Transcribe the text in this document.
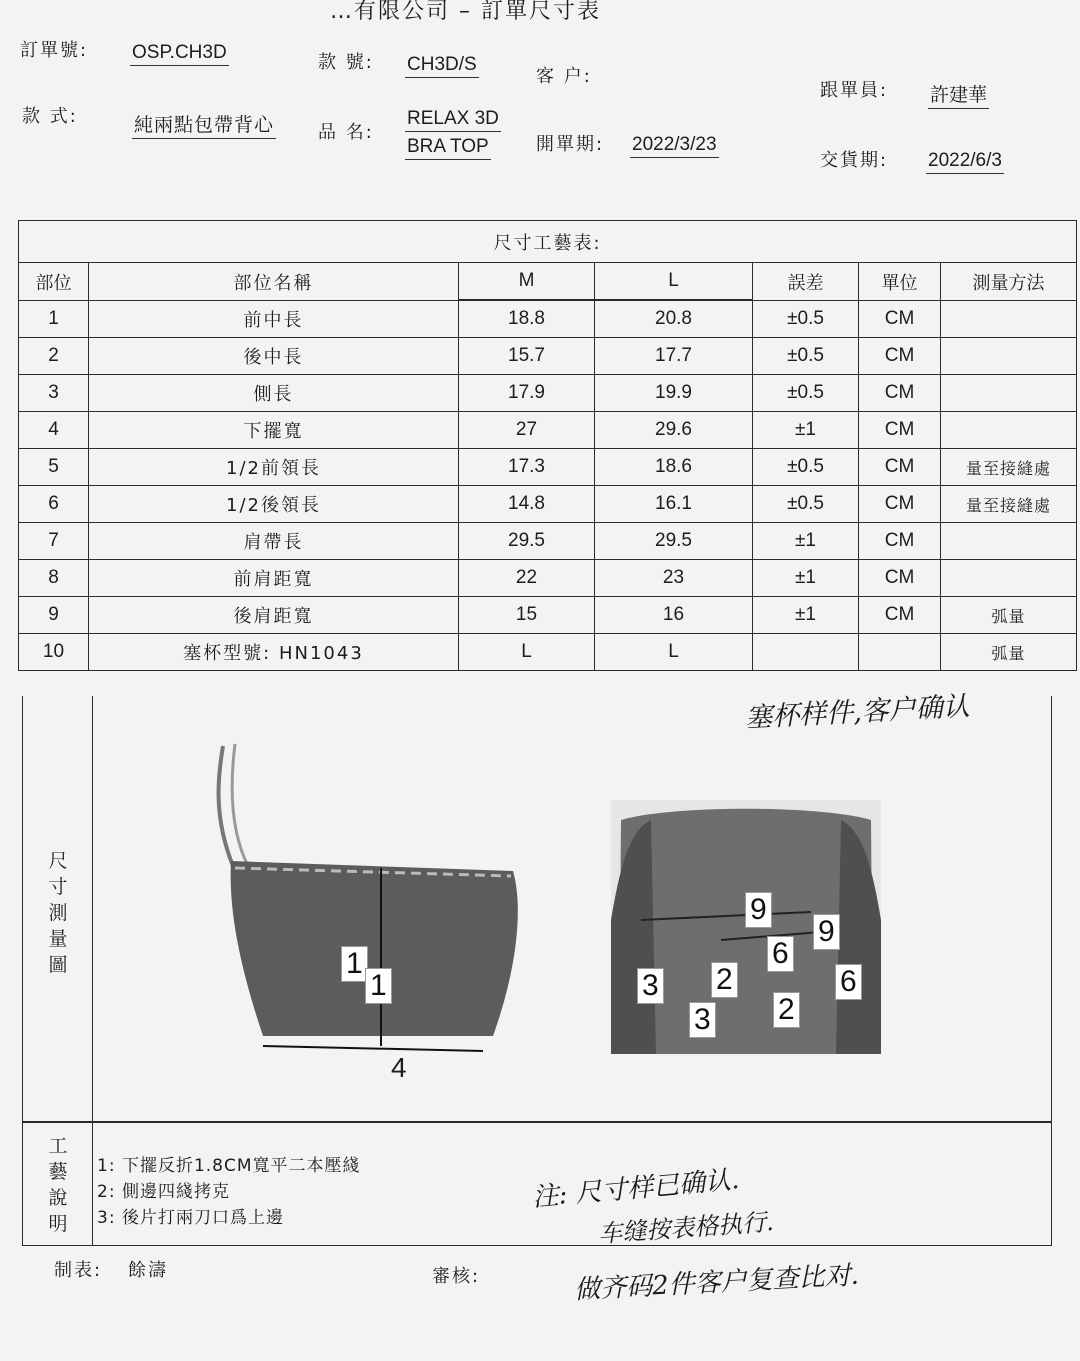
…有限公司 – 訂單尺寸表
訂單號: OSP.CH3D	款 號: CH3D/S
客 户:
跟單員: 許建華
款 式:	純兩點包帶背心 品 名:
RELAX 3D
BRA TOP	開單期: 2022/3/23
交貨期: 2022/6/3
尺寸工藝表:						
部位	部位名稱	M	L	誤差	單位	測量方法

1	前中長	18.8	20.8	±0.5	CM	
2	後中長	15.7	17.7	±0.5	CM	
3	側長	17.9	19.9	±0.5	CM	
4	下擺寬	27	29.6	±1	CM	
5	1/2前領長	17.3	18.6	±0.5	CM	量至接縫處
6	1/2後領長	14.8	16.1	±0.5	CM	量至接縫處
7	肩帶長	29.5	29.5	±1	CM	
8	前肩距寬	22	23	±1	CM	
9	後肩距寬	15	16	±1	CM	弧量
10	塞杯型號: HN1043	L	L			弧量
塞杯样件,客户确认
尺
寸
測
量
圖	1
1
4
9
9
6
6
3 2
3 2
工
藝
說
明
1: 下擺反折1.8CM寬平二本壓綫
2: 側邊四綫拷克
3: 後片打兩刀口爲上邊
注: 尺寸样已确认.
车缝按表格执行.
做齐码2件客户复查比对.
制表: 餘濤	審核:
